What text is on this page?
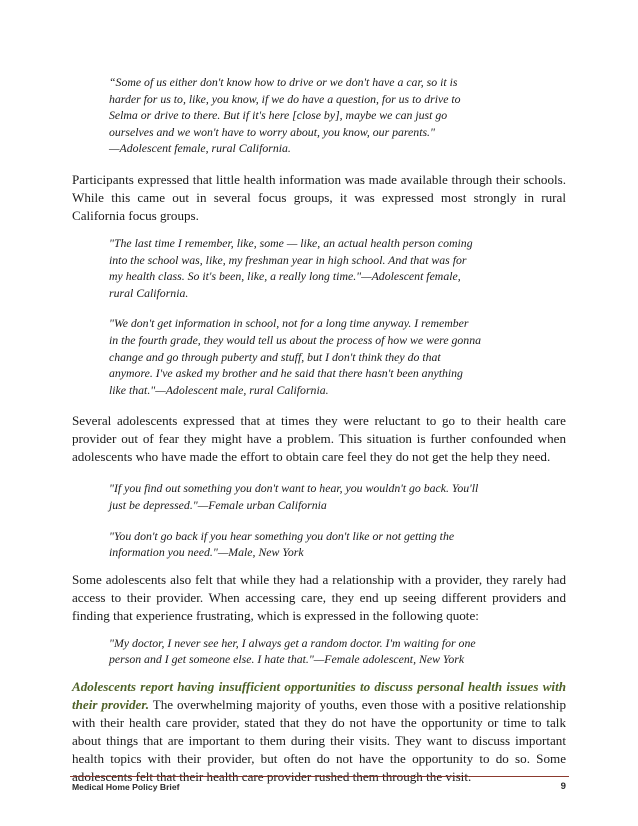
“Some of us either don't know how to drive or we don't have a car, so it is
harder for us to, like, you know, if we do have a question, for us to drive to
Selma or drive to there. But if it's here [close by], maybe we can just go
ourselves and we won't have to worry about, you know, our parents."
—Adolescent female, rural California.

Participants expressed that little health information was made available through their schools. While this came out in several focus groups, it was expressed most strongly in rural California focus groups.

"The last time I remember, like, some — like, an actual health person coming
into the school was, like, my freshman year in high school. And that was for
my health class. So it's been, like, a really long time."—Adolescent female,
rural California.
"We don't get information in school, not for a long time anyway. I remember
in the fourth grade, they would tell us about the process of how we were gonna
change and go through puberty and stuff, but I don't think they do that
anymore. I've asked my brother and he said that there hasn't been anything
like that."—Adolescent male, rural California.

Several adolescents expressed that at times they were reluctant to go to their health care provider out of fear they might have a problem. This situation is further confounded when adolescents who have made the effort to obtain care feel they do not get the help they need.

"If you find out something you don't want to hear, you wouldn't go back. You'll
just be depressed."—Female urban California
"You don't go back if you hear something you don't like or not getting the
information you need."—Male, New York

Some adolescents also felt that while they had a relationship with a provider, they rarely had access to their provider. When accessing care, they end up seeing different providers and finding that experience frustrating, which is expressed in the following quote:

"My doctor, I never see her, I always get a random doctor. I'm waiting for one
person and I get someone else. I hate that."—Female adolescent, New York

Adolescents report having insufficient opportunities to discuss personal health issues with their provider. The overwhelming majority of youths, even those with a positive relationship with their health care provider, stated that they do not have the opportunity or time to talk about things that are important to them during their visits. They want to discuss important health topics with their provider, but often do not have the opportunity to do so. Some adolescents felt that their health care provider rushed them through the visit.

Medical Home Policy Brief	9
